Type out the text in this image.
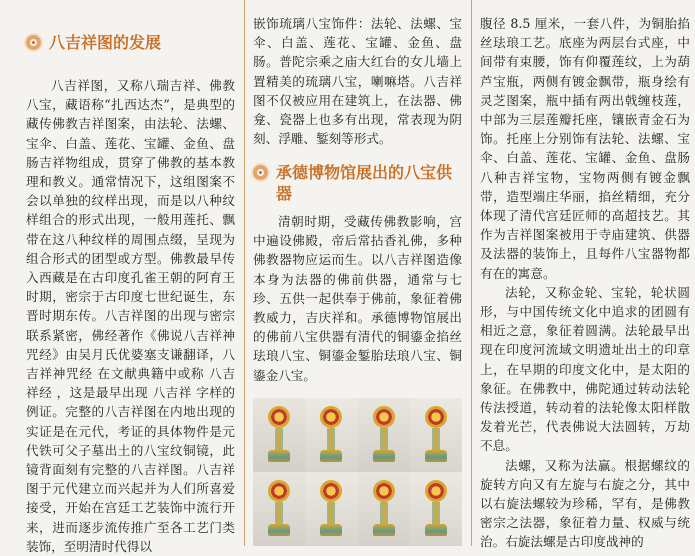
八吉祥图的发展

八吉祥图，又称八瑞吉祥、佛教八宝，藏语称“扎西达杰”，是典型的藏传佛教吉祥图案，由法轮、法螺、宝伞、白盖、莲花、宝罐、金鱼、盘肠吉祥物组成，贯穿了佛教的基本教理和教义。通常情况下，这组图案不会以单独的纹样出现，而是以八种纹样组合的形式出现，一般用莲托、飘带在这八种纹样的周围点缀，呈现为组合形式的团型或方型。佛教最早传入西藏是在古印度孔雀王朝的阿育王时期，密宗于古印度七世纪诞生，东晋时期东传。八吉祥图的出现与密宗联系紧密，佛经著作《佛说八吉祥神咒经》由吴月氏优婆塞支谦翻译，八吉祥神咒经 在文献典籍中或称 八吉祥经 ，这是最早出现 八吉祥 字样的例证。完整的八吉祥图在内地出现的实证是在元代，考证的具体物件是元代铁可父子墓出土的八宝纹铜镜，此镜背面刻有完整的八吉祥图。八吉祥图于元代建立而兴起并为人们所喜爱接受，开始在宫廷工艺装饰中流行开来，进而逐步流传推广至各工艺门类装饰，至明清时代得以

嵌饰琉璃八宝饰件：法轮、法螺、宝伞、白盖、莲花、宝罐、金鱼、盘肠。普陀宗乘之庙大红台的女儿墙上置精美的琉璃八宝，喇嘛塔。八吉祥图不仅被应用在建筑上，在法器、佛龛、瓷器上也多有出现，常表现为阴刻、浮雕、錾刻等形式。

承德博物馆展出的八宝供器

清朝时期，受藏传佛教影响，宫中遍设佛殿，帝后常拈香礼佛，多种佛教器物应运而生。以八吉祥图造像本身为法器的佛前供器，通常与七珍、五供一起供奉于佛前，象征着佛教威力，吉庆祥和。承德博物馆展出的佛前八宝供器有清代的铜鎏金掐丝珐琅八宝、铜鎏金錾胎珐琅八宝、铜鎏金八宝。

腹径 8.5 厘米，一套八件，为铜胎掐丝珐琅工艺。底座为两层台式座，中间带有束腰，饰有仰覆莲纹，上为葫芦宝瓶，两侧有镀金飘带，瓶身绘有灵芝图案，瓶中插有两出戟缠枝莲，中部为三层莲瓣托座，镶嵌青金石为饰。托座上分别饰有法轮、法螺、宝伞、白盖、莲花、宝罐、金鱼、盘肠八种吉祥宝物，宝物两侧有镀金飘带，造型端庄华丽，掐丝精细，充分体现了清代宫廷匠师的高超技艺。其作为吉祥图案被用于寺庙建筑、供器及法器的装饰上，且每件八宝器物都有在的寓意。

法轮，又称金轮、宝轮，轮状圆形，与中国传统文化中追求的团圆有相近之意，象征着圆满。法轮最早出现在印度河流域文明遗址出土的印章上，在早期的印度文化中，是太阳的象征。在佛教中，佛陀通过转动法轮传法授道，转动着的法轮像太阳样散发着光芒，代表佛说大法圆转，万劫不息。

法螺，又称为法赢。根据螺纹的旋转方向又有左旋与右旋之分，其中以右旋法螺较为珍稀，罕有，是佛教密宗之法器，象征着力量、权威与统治。右旋法螺是古印度战神的
